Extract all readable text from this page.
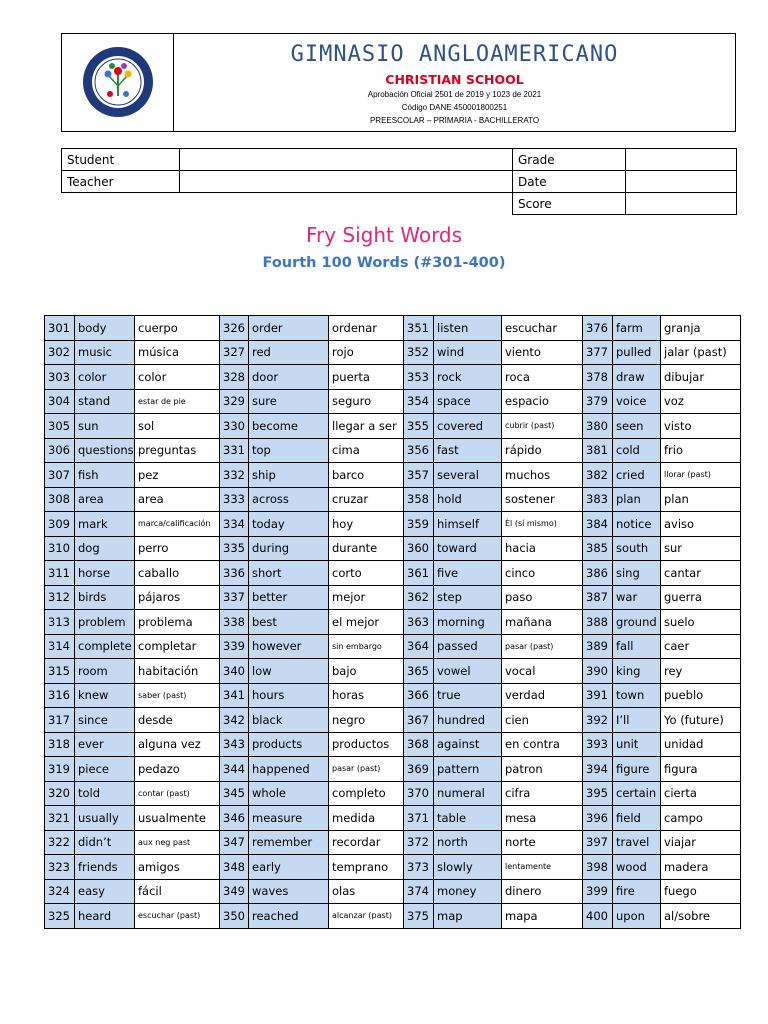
GIMNASIO ANGLOAMERICANO
CHRISTIAN SCHOOL
Aprobación Oficial 2501 de 2019 y 1023 de 2021
Código DANE 450001800251
PREESCOLAR – PRIMARIA - BACHILLERATO
Student		Grade	
Teacher		Date	
		Score	
Fry Sight Words
Fourth 100 Words (#301-400)
301	body	cuerpo	326	order	ordenar	351	listen	escuchar	376	farm	granja
302	music	música	327	red	rojo	352	wind	viento	377	pulled	jalar (past)
303	color	color	328	door	puerta	353	rock	roca	378	draw	dibujar
304	stand	estar de pie	329	sure	seguro	354	space	espacio	379	voice	voz
305	sun	sol	330	become	llegar a ser	355	covered	cubrir (past)	380	seen	visto
306	questions	preguntas	331	top	cima	356	fast	rápido	381	cold	frio
307	fish	pez	332	ship	barco	357	several	muchos	382	cried	llorar (past)
308	area	area	333	across	cruzar	358	hold	sostener	383	plan	plan
309	mark	marca/calificación	334	today	hoy	359	himself	Él (sí mismo)	384	notice	aviso
310	dog	perro	335	during	durante	360	toward	hacia	385	south	sur
311	horse	caballo	336	short	corto	361	five	cinco	386	sing	cantar
312	birds	pájaros	337	better	mejor	362	step	paso	387	war	guerra
313	problem	problema	338	best	el mejor	363	morning	mañana	388	ground	suelo
314	complete	completar	339	however	sin embargo	364	passed	pasar (past)	389	fall	caer
315	room	habitación	340	low	bajo	365	vowel	vocal	390	king	rey
316	knew	saber (past)	341	hours	horas	366	true	verdad	391	town	pueblo
317	since	desde	342	black	negro	367	hundred	cien	392	I’ll	Yo (future)
318	ever	alguna vez	343	products	productos	368	against	en contra	393	unit	unidad
319	piece	pedazo	344	happened	pasar (past)	369	pattern	patron	394	figure	figura
320	told	contar (past)	345	whole	completo	370	numeral	cifra	395	certain	cierta
321	usually	usualmente	346	measure	medida	371	table	mesa	396	field	campo
322	didn’t	aux neg past	347	remember	recordar	372	north	norte	397	travel	viajar
323	friends	amigos	348	early	temprano	373	slowly	lentamente	398	wood	madera
324	easy	fácil	349	waves	olas	374	money	dinero	399	fire	fuego
325	heard	escuchar (past)	350	reached	alcanzar (past)	375	map	mapa	400	upon	al/sobre
